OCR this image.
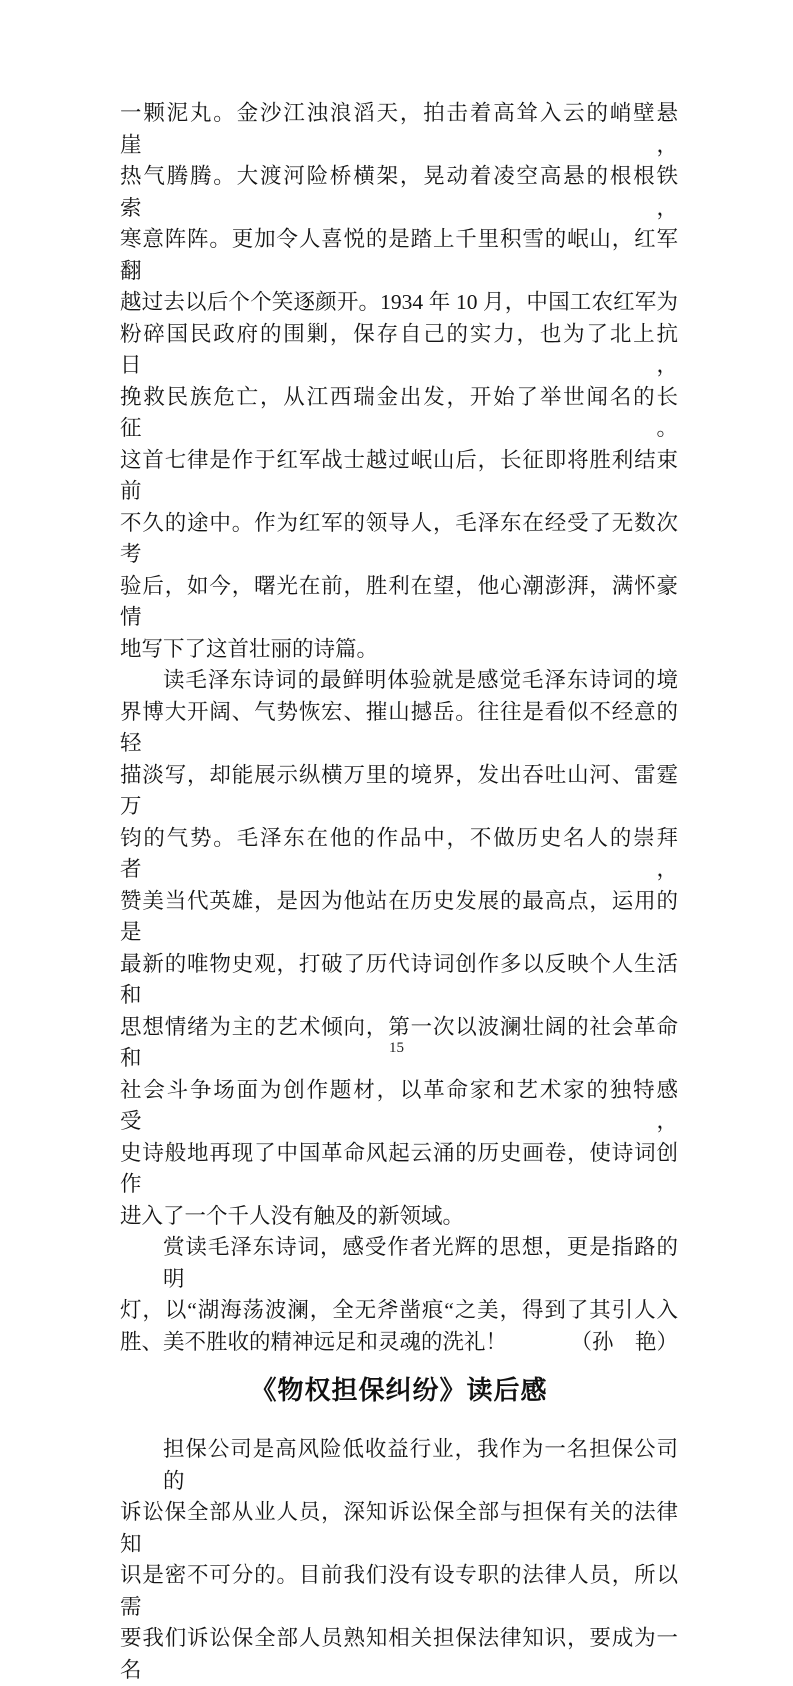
一颗泥丸。金沙江浊浪滔天，拍击着高耸入云的峭壁悬崖，
热气腾腾。大渡河险桥横架，晃动着凌空高悬的根根铁索，
寒意阵阵。更加令人喜悦的是踏上千里积雪的岷山，红军翻
越过去以后个个笑逐颜开。1934 年 10 月，中国工农红军为
粉碎国民政府的围剿，保存自己的实力，也为了北上抗日，
挽救民族危亡，从江西瑞金出发，开始了举世闻名的长征。
这首七律是作于红军战士越过岷山后，长征即将胜利结束前
不久的途中。作为红军的领导人，毛泽东在经受了无数次考
验后，如今，曙光在前，胜利在望，他心潮澎湃，满怀豪情
地写下了这首壮丽的诗篇。
读毛泽东诗词的最鲜明体验就是感觉毛泽东诗词的境
界博大开阔、气势恢宏、摧山撼岳。往往是看似不经意的轻
描淡写，却能展示纵横万里的境界，发出吞吐山河、雷霆万
钧的气势。毛泽东在他的作品中，不做历史名人的崇拜者，
赞美当代英雄，是因为他站在历史发展的最高点，运用的是
最新的唯物史观，打破了历代诗词创作多以反映个人生活和
思想情绪为主的艺术倾向，第一次以波澜壮阔的社会革命和
社会斗争场面为创作题材，以革命家和艺术家的独特感受，
史诗般地再现了中国革命风起云涌的历史画卷，使诗词创作
进入了一个千人没有触及的新领域。
赏读毛泽东诗词，感受作者光辉的思想，更是指路的明
灯，以“湖海荡波澜，全无斧凿痕“之美，得到了其引人入
胜、美不胜收的精神远足和灵魂的洗礼！	（孙　艳）
《物权担保纠纷》读后感
担保公司是高风险低收益行业，我作为一名担保公司的
诉讼保全部从业人员，深知诉讼保全部与担保有关的法律知
识是密不可分的。目前我们没有设专职的法律人员，所以需
要我们诉讼保全部人员熟知相关担保法律知识，要成为一名
15
